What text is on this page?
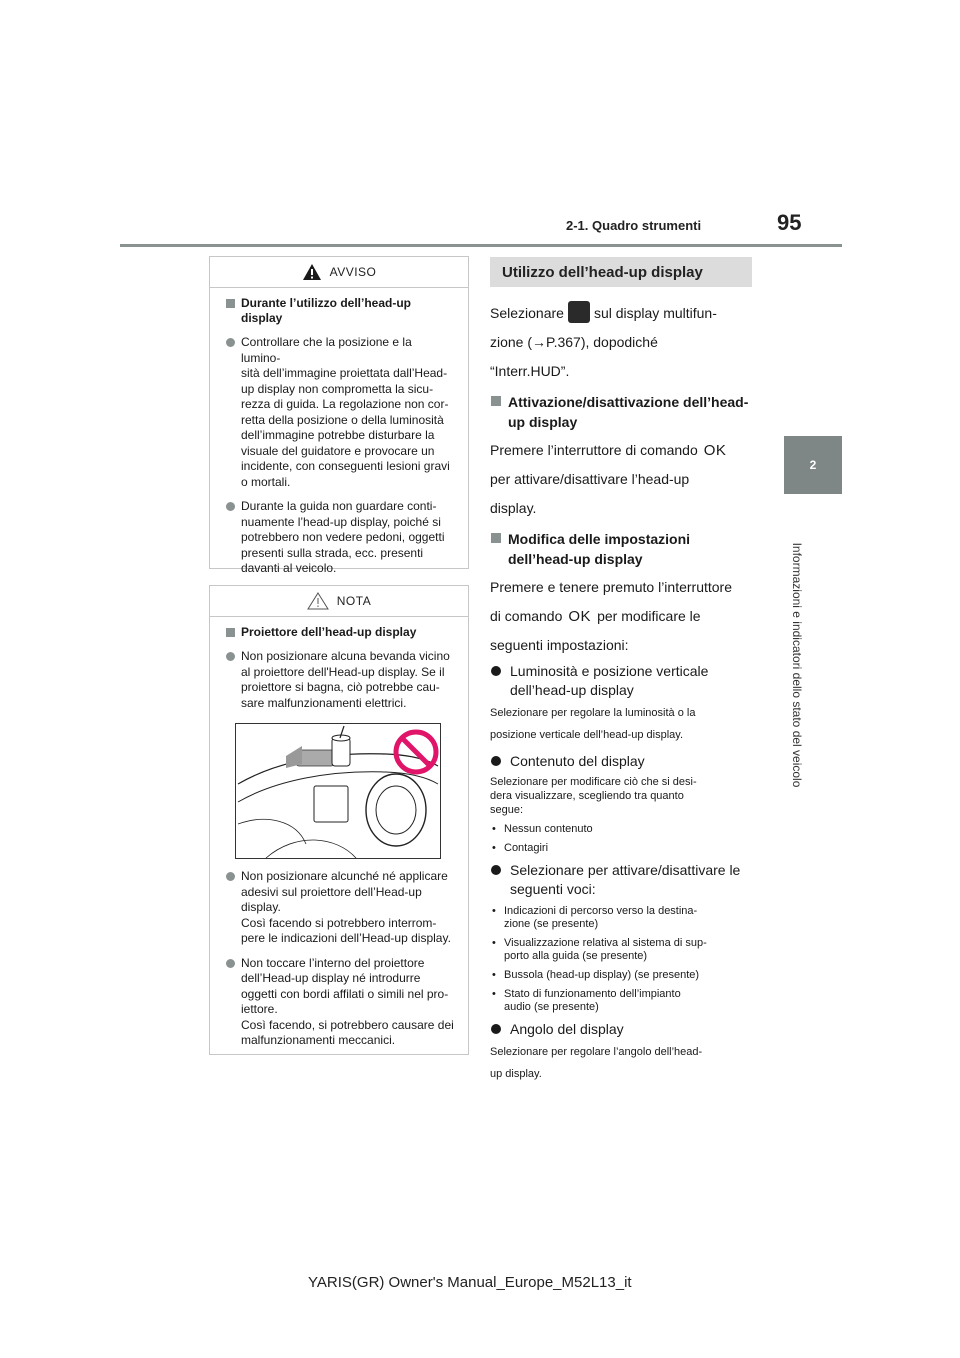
2-1. Quadro strumenti	95
2
Informazioni e indicatori dello stato del veicolo
AVVISO
Durante l’utilizzo dell’head-up display
Controllare che la posizione e la lumino-
sità dell’immagine proiettata dall’Head-
up display non comprometta la sicu-
rezza di guida. La regolazione non cor-
retta della posizione o della luminosità
dell’immagine potrebbe disturbare la
visuale del guidatore e provocare un
incidente, con conseguenti lesioni gravi
o mortali.
Durante la guida non guardare conti-
nuamente l’head-up display, poiché si
potrebbero non vedere pedoni, oggetti
presenti sulla strada, ecc. presenti
davanti al veicolo.
NOTA
Proiettore dell’head-up display
Non posizionare alcuna bevanda vicino
al proiettore dell'Head-up display. Se il
proiettore si bagna, ciò potrebbe cau-
sare malfunzionamenti elettrici.
Non posizionare alcunché né applicare
adesivi sul proiettore dell’Head-up
display.
Così facendo si potrebbero interrom-
pere le indicazioni dell’Head-up display.
Non toccare l’interno del proiettore
dell’Head-up display né introdurre
oggetti con bordi affilati o simili nel pro-
iettore.
Così facendo, si potrebbero causare dei
malfunzionamenti meccanici.
Utilizzo dell’head-up display
Selezionare sul display multifun-
zione (→P.367), dopodiché
“Interr.HUD”.
Attivazione/disattivazione dell’head-up display
Premere l’interruttore di comando OK
per attivare/disattivare l’head-up
display.
Modifica delle impostazioni dell’head-up display
Premere e tenere premuto l’interruttore
di comando OK per modificare le
seguenti impostazioni:
Luminosità e posizione verticale dell’head-up display
Selezionare per regolare la luminosità o la
posizione verticale dell’head-up display.
Contenuto del display
Selezionare per modificare ciò che si desi-
dera visualizzare, scegliendo tra quanto
segue:
• Nessun contenuto
• Contagiri
Selezionare per attivare/disattivare le seguenti voci:
• Indicazioni di percorso verso la destina-
zione (se presente)
• Visualizzazione relativa al sistema di sup-
porto alla guida (se presente)
• Bussola (head-up display) (se presente)
• Stato di funzionamento dell’impianto
audio (se presente)
Angolo del display
Selezionare per regolare l’angolo dell’head-
up display.
YARIS(GR) Owner's Manual_Europe_M52L13_it
